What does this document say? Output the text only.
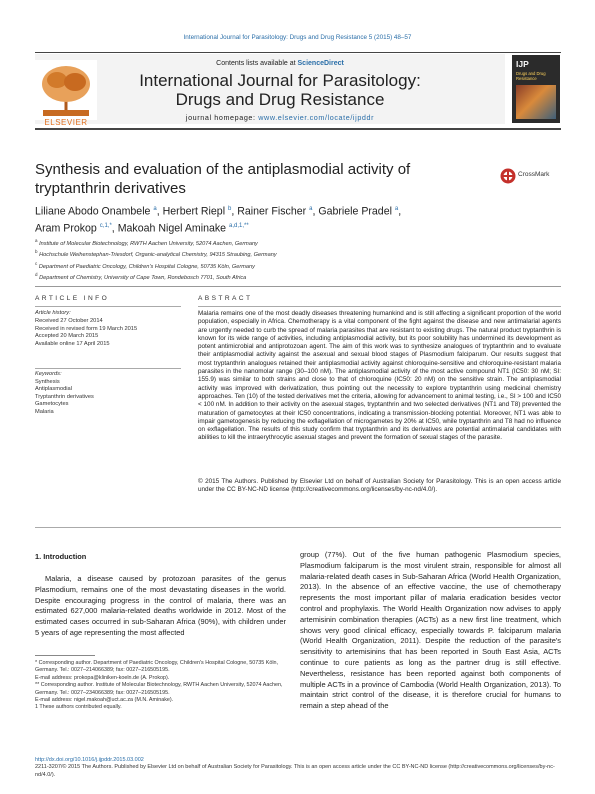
International Journal for Parasitology: Drugs and Drug Resistance 5 (2015) 48–57
ELSEVIER
Contents lists available at ScienceDirect
International Journal for Parasitology:
Drugs and Drug Resistance
journal homepage: www.elsevier.com/locate/ijpddr
IJP
Drugs and Drug Resistance
Synthesis and evaluation of the antiplasmodial activity of
tryptanthrin derivatives
CrossMark
Liliane Abodo Onambele $^a$, Herbert Riepl $^b$, Rainer Fischer $^a$, Gabriele Pradel $^a$,
Aram Prokop $^{c,1,*}$, Makoah Nigel Aminake $^{a,d,1,**}$
$^a$ Institute of Molecular Biotechnology, RWTH Aachen University, 52074 Aachen, Germany
$^b$ Hochschule Weihenstephan-Triesdorf, Organic-analytical Chemistry, 94315 Straubing, Germany
$^c$ Department of Paediatric Oncology, Children's Hospital Cologne, 50735 Köln, Germany
$^d$ Department of Chemistry, University of Cape Town, Rondebosch 7701, South Africa
ARTICLE INFO	ABSTRACT
Article history:
Received 27 October 2014
Received in revised form 19 March 2015
Accepted 20 March 2015
Available online 17 April 2015
Keywords:
Synthesis
Antiplasmodial
Tryptanthrin derivatives
Gametocytes
Malaria

Malaria remains one of the most deadly diseases threatening humankind and is still affecting a significant proportion of the world population, especially in Africa. Chemotherapy is a vital component of the fight against the disease and new antimalarial agents are urgently needed to curb the spread of malaria parasites that are resistant to existing drugs. The natural product tryptanthrin is known for its wide range of activities, including antiplasmodial activity, but its poor solubility has undermined its development as potent antimicrobial and antiprotozoan agent. The aim of this work was to synthesize analogues of tryptanthrin and to evaluate their antiplasmodial activity against the asexual and sexual blood stages of Plasmodium falciparum. Our results suggest that most tryptanthrin analogues retained their antiplasmodial activity against chloroquine-sensitive and chloroquine-resistant malaria parasites in the nanomolar range (30–100 nM). The antiplasmodial activity of the most active compound NT1 (IC50: 30 nM; SI: 155.9) was similar to both strains and close to that of chloroquine (IC50: 20 nM) on the sensitive strain. The antiplasmodial activity was improved with derivatization, thus pointing out the necessity to explore tryptanthrin using medicinal chemistry approaches. Ten (10) of the tested derivatives met the criteria, allowing for advancement to animal testing, i.e., SI > 100 and IC50 < 100 nM. In addition to their activity on the asexual stages, tryptanthrin and two selected derivatives (NT1 and T8) prevented the maturation of gametocytes at their IC50 concentrations, indicating a transmission-blocking potential. Moreover, NT1 was able to impair gametogenesis by reducing the exflagellation of microgametes by 20% at IC50, while tryptanthrin and T8 had no influence on exflagellation. The results of this study confirm that tryptanthrin and its derivatives are potential antimalarial candidates with abilities to kill the intraerythrocytic asexual stages and prevent the formation of sexual stages of the parasite.

© 2015 The Authors. Published by Elsevier Ltd on behalf of Australian Society for Parasitology. This is an open access article under the CC BY-NC-ND license (http://creativecommons.org/licenses/by-nc-nd/4.0/).
1. Introduction
Malaria, a disease caused by protozoan parasites of the genus Plasmodium, remains one of the most devastating diseases in the world. Despite encouraging progress in the control of malaria, there was an estimated 627,000 malaria-related deaths worldwide in 2012. Most of the estimated cases occurred in sub-Saharan Africa (90%), with children under 5 years of age representing the most affected
group (77%). Out of the five human pathogenic Plasmodium species, Plasmodium falciparum is the most virulent strain, responsible for almost all malaria-related death cases in Sub-Saharan Africa (World Health Organization, 2013). In the absence of an effective vaccine, the use of chemotherapy represents the most important pillar of malaria eradication besides vector control and prophylaxis. The World Health Organization now advises to apply artemisinin combination therapies (ACTs) as a new first line treatment, which shows very good clinical efficacy, especially towards P. falciparum malaria (World Health Organization, 2011). Despite the reduction of the parasite's sensitivity to artemisinins that has been reported in South East Asia, ACTs continue to cure patients as long as the partner drug is still effective. Nevertheless, resistance has been reported against both components of multiple ACTs in a province of Cambodia (World Health Organization, 2013). To maintain strict control of the disease, it is therefore crucial for humans to remain a step ahead of the

* Corresponding author. Department of Paediatric Oncology, Children's Hospital Cologne, 50735 Köln, Germany. Tel.: 0027–214066389; fax: 0027–216505195.

E-mail address: prokopa@kliniken-koeln.de (A. Prokop).

** Corresponding author. Institute of Molecular Biotechnology, RWTH Aachen University, 52074 Aachen, Germany. Tel.: 0027–234066389; fax: 0027–216505195.

E-mail address: nigel.makoah@uct.ac.za (M.N. Aminake).

1 These authors contributed equally.

http://dx.doi.org/10.1016/j.ijpddr.2015.03.002

2211-3207/© 2015 The Authors. Published by Elsevier Ltd on behalf of Australian Society for Parasitology. This is an open access article under the CC BY-NC-ND license (http://creativecommons.org/licenses/by-nc-nd/4.0/).
